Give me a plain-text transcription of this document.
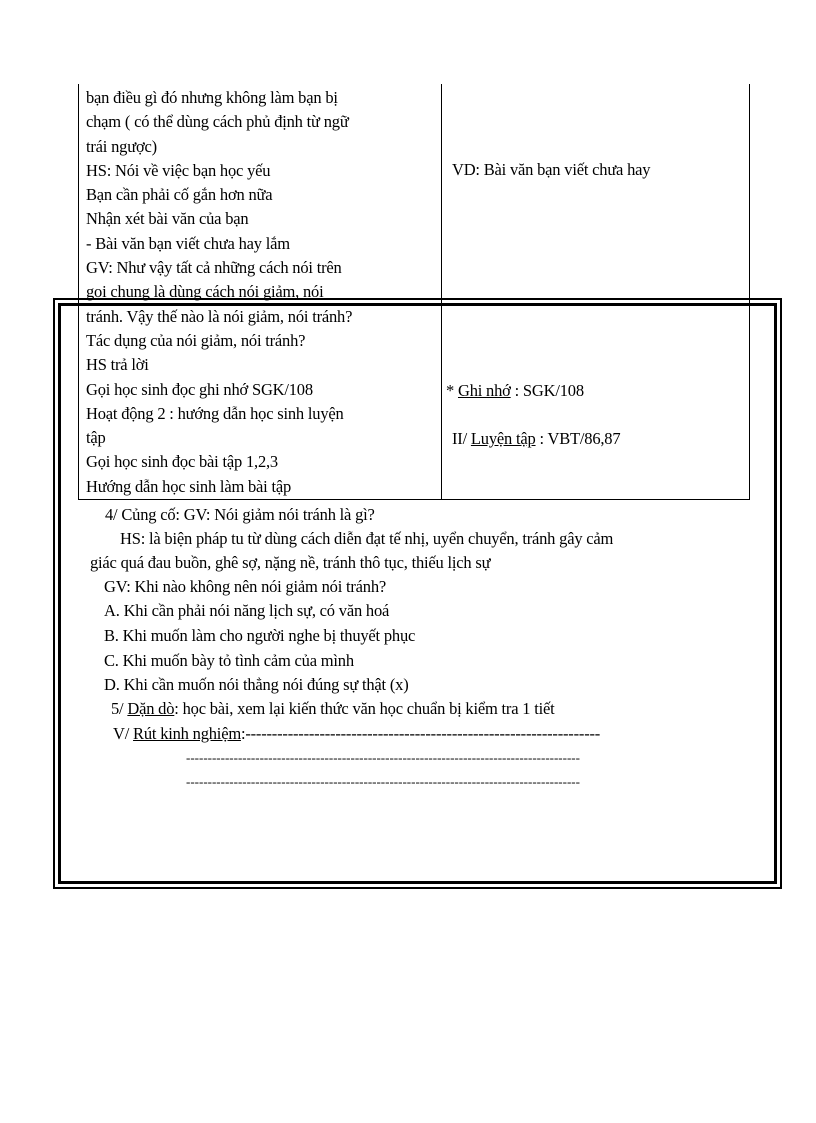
bạn điều gì đó nhưng không làm bạn bị
chạm ( có thể dùng cách phủ định từ ngữ
trái ngược)
HS: Nói về việc bạn học yếu
Bạn cần phải cố gắn hơn nữa
Nhận xét bài văn của bạn
- Bài văn bạn viết chưa hay lắm
GV: Như vậy tất cả những cách nói trên
gọi chung là dùng cách nói giảm, nói
tránh. Vậy thế nào là nói giảm, nói tránh?
Tác dụng của nói giảm, nói tránh?
HS trả lời
Gọi học sinh đọc ghi nhớ SGK/108
Hoạt động 2 : hướng dẫn học sinh luyện
tập
Gọi học sinh đọc bài tập 1,2,3
Hướng dẫn học sinh làm bài tập
VD: Bài văn bạn viết chưa hay
* Ghi nhớ : SGK/108
II/ Luyện tập : VBT/86,87
4/ Củng cố: GV: Nói giảm nói tránh là gì?
HS: là biện pháp tu từ dùng cách diễn đạt tế nhị, uyển chuyển, tránh gây cảm
giác quá đau buồn, ghê sợ, nặng nề, tránh thô tục, thiếu lịch sự
GV: Khi nào không nên nói giảm nói tránh?
A. Khi cần phải nói năng lịch sự, có văn hoá
B. Khi muốn làm cho người nghe bị thuyết phục
C. Khi muốn bày tỏ tình cảm của mình
D. Khi cần muốn nói thẳng nói đúng sự thật (x)
5/ Dặn dò: học bài, xem lại kiến thức văn học chuẩn bị kiểm tra 1 tiết
V/ Rút kinh nghiệm:-------------------------------------------------------------------
-------------------------------------------------------------------------------------------
-------------------------------------------------------------------------------------------
